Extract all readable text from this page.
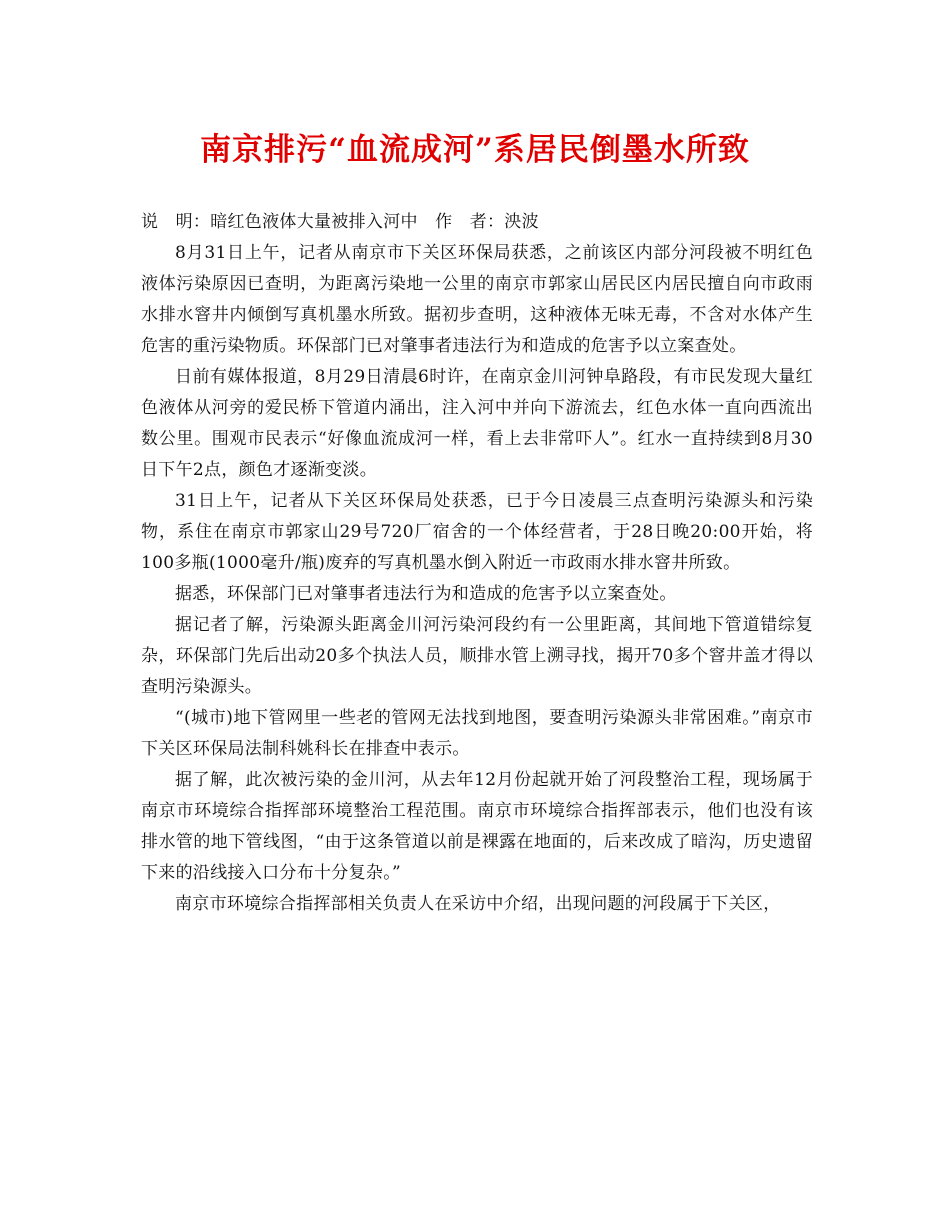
南京排污“血流成河”系居民倒墨水所致

说　明：暗红色液体大量被排入河中　作　者：泱波

8月31日上午，记者从南京市下关区环保局获悉，之前该区内部分河段被不明红色液体污染原因已查明，为距离污染地一公里的南京市郭家山居民区内居民擅自向市政雨水排水窨井内倾倒写真机墨水所致。据初步查明，这种液体无味无毒，不含对水体产生危害的重污染物质。环保部门已对肇事者违法行为和造成的危害予以立案查处。

日前有媒体报道，8月29日清晨6时许，在南京金川河钟阜路段，有市民发现大量红色液体从河旁的爱民桥下管道内涌出，注入河中并向下游流去，红色水体一直向西流出数公里。围观市民表示“好像血流成河一样，看上去非常吓人”。红水一直持续到8月30日下午2点，颜色才逐渐变淡。

31日上午，记者从下关区环保局处获悉，已于今日凌晨三点查明污染源头和污染物，系住在南京市郭家山29号720厂宿舍的一个体经营者，于28日晚20:00开始，将100多瓶(1000毫升/瓶)废弃的写真机墨水倒入附近一市政雨水排水窨井所致。

据悉，环保部门已对肇事者违法行为和造成的危害予以立案查处。

据记者了解，污染源头距离金川河污染河段约有一公里距离，其间地下管道错综复杂，环保部门先后出动20多个执法人员，顺排水管上溯寻找，揭开70多个窨井盖才得以查明污染源头。

“(城市)地下管网里一些老的管网无法找到地图，要查明污染源头非常困难。”南京市下关区环保局法制科姚科长在排查中表示。

据了解，此次被污染的金川河，从去年12月份起就开始了河段整治工程，现场属于南京市环境综合指挥部环境整治工程范围。南京市环境综合指挥部表示，他们也没有该排水管的地下管线图，“由于这条管道以前是裸露在地面的，后来改成了暗沟，历史遗留下来的沿线接入口分布十分复杂。”

南京市环境综合指挥部相关负责人在采访中介绍，出现问题的河段属于下关区，
